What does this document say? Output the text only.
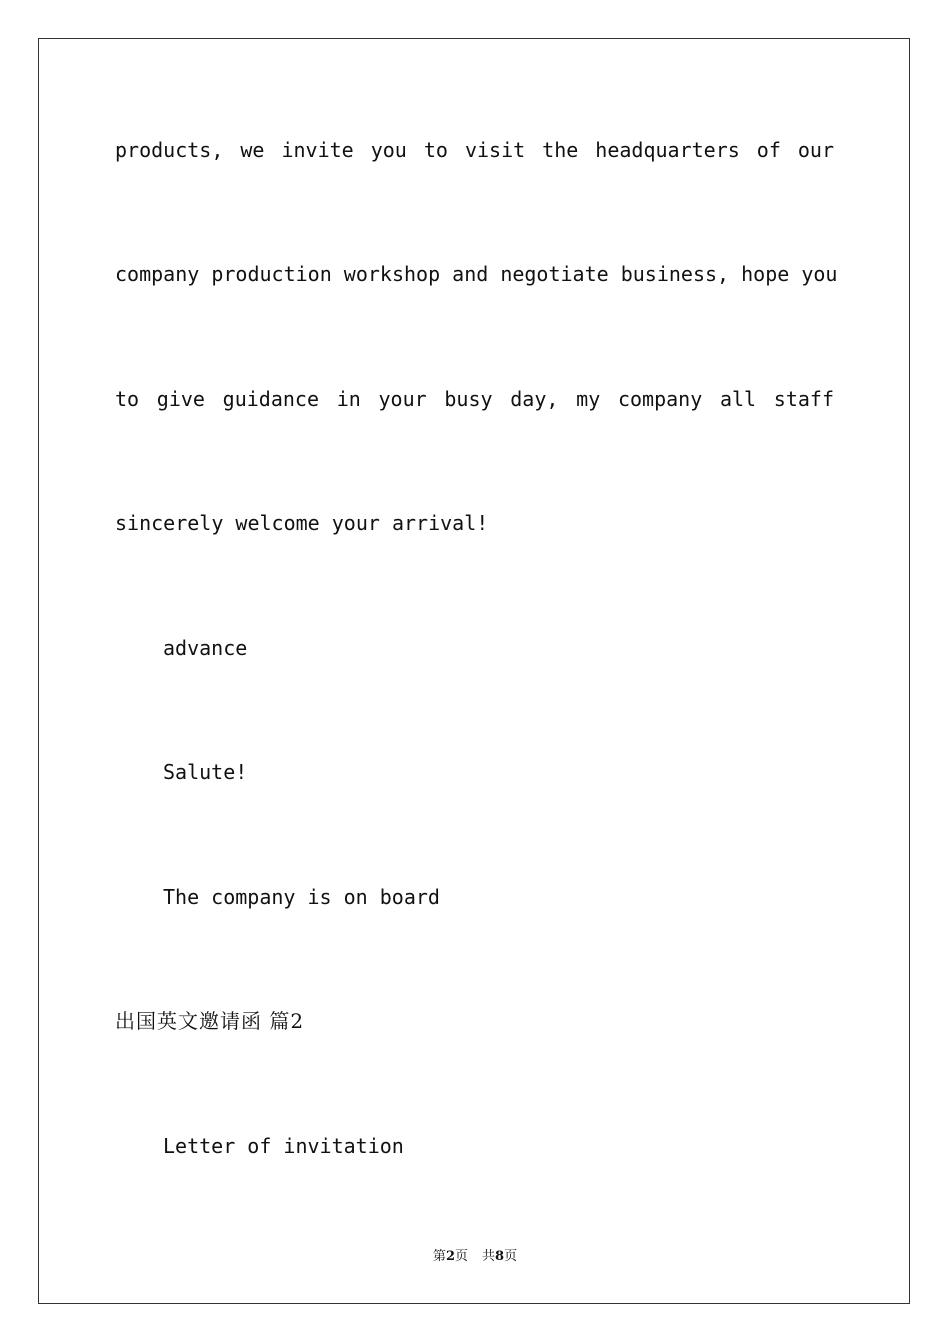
products, we invite you to visit the headquarters of our
company production workshop and negotiate business, hope you
to give guidance in your busy day, my company all staff
sincerely welcome your arrival!
advance
Salute!
The company is on board
出国英文邀请函 篇2
Letter of invitation
第2页 共8页
